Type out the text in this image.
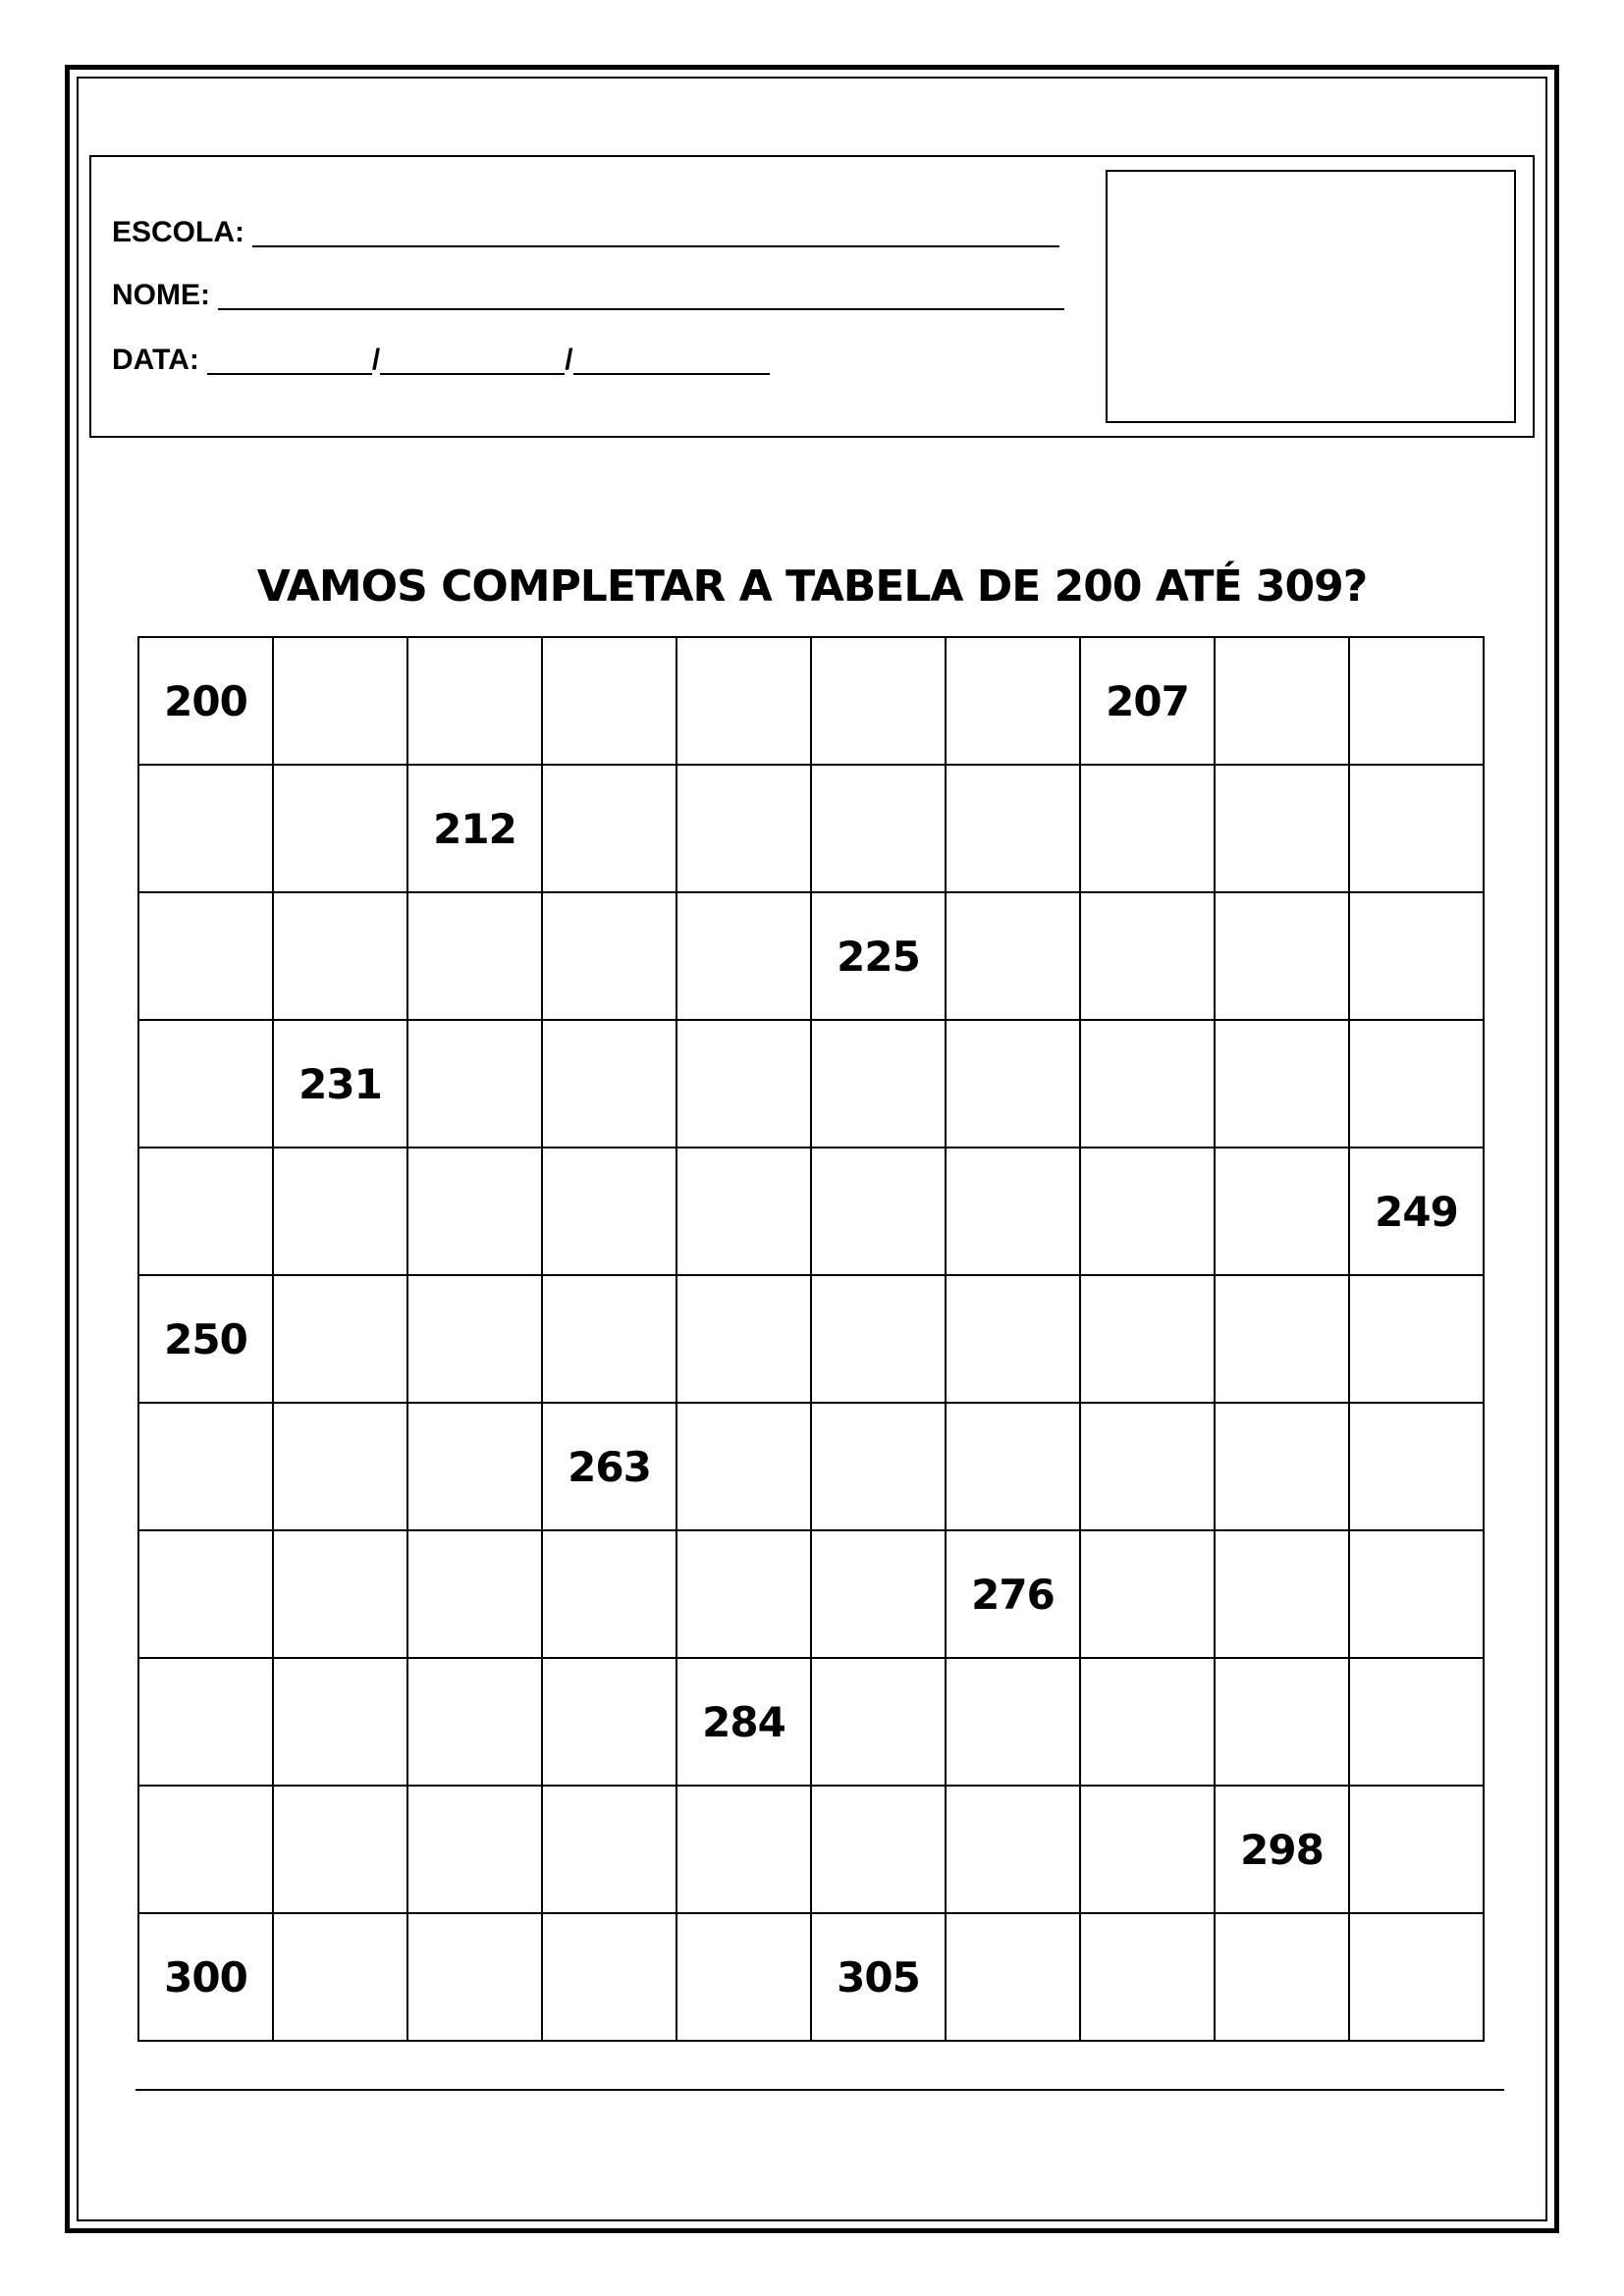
ESCOLA:
NOME:
DATA:	/	/
VAMOS COMPLETAR A TABELA DE 200 ATÉ 309?
200							207		
		212							
					225				
	231								
									249
250									
			263						
						276			
				284					
								298	
300					305				
